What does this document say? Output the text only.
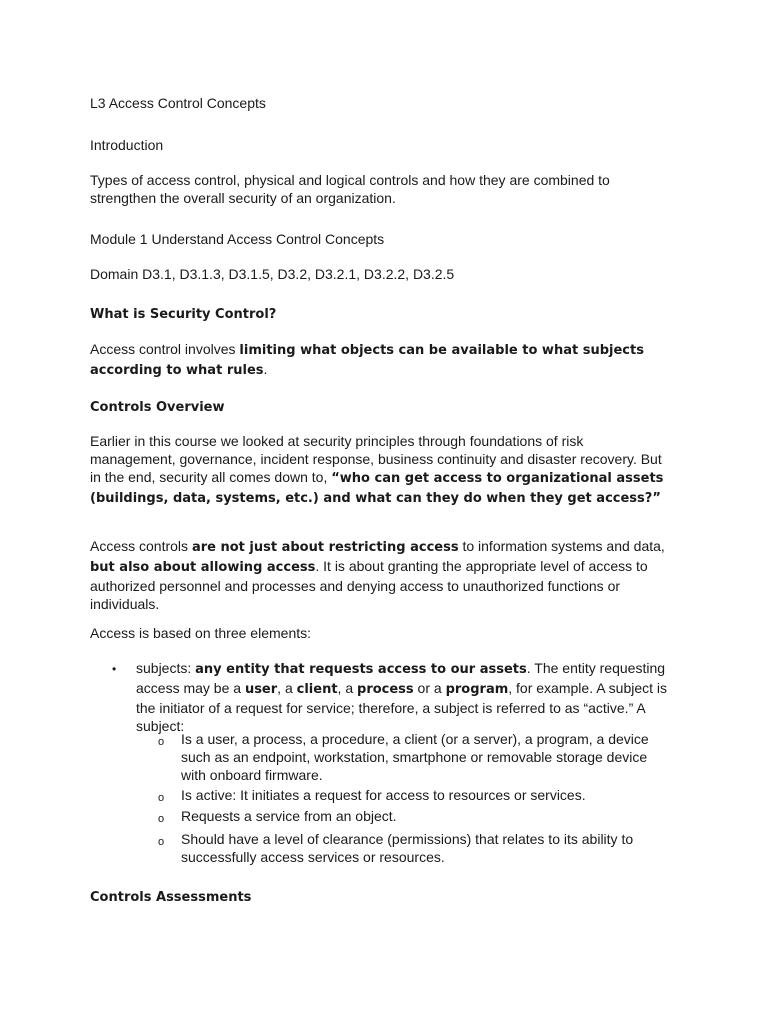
L3 Access Control Concepts

Introduction

Types of access control, physical and logical controls and how they are combined to strengthen the overall security of an organization.

Module 1 Understand Access Control Concepts

Domain D3.1, D3.1.3, D3.1.5, D3.2, D3.2.1, D3.2.2, D3.2.5

What is Security Control?

Access control involves limiting what objects can be available to what subjects according to what rules.

Controls Overview

Earlier in this course we looked at security principles through foundations of risk management, governance, incident response, business continuity and disaster recovery. But in the end, security all comes down to, “who can get access to organizational assets (buildings, data, systems, etc.) and what can they do when they get access?”

Access controls are not just about restricting access to information systems and data, but also about allowing access. It is about granting the appropriate level of access to authorized personnel and processes and denying access to unauthorized functions or individuals.

Access is based on three elements:

•	subjects: any entity that requests access to our assets. The entity requesting access may be a user, a client, a process or a program, for example. A subject is the initiator of a request for service; therefore, a subject is referred to as “active.” A subject:

o	Is a user, a process, a procedure, a client (or a server), a program, a device such as an endpoint, workstation, smartphone or removable storage device with onboard firmware.

o	Is active: It initiates a request for access to resources or services.

o	Requests a service from an object.

o	Should have a level of clearance (permissions) that relates to its ability to successfully access services or resources.

Controls Assessments
